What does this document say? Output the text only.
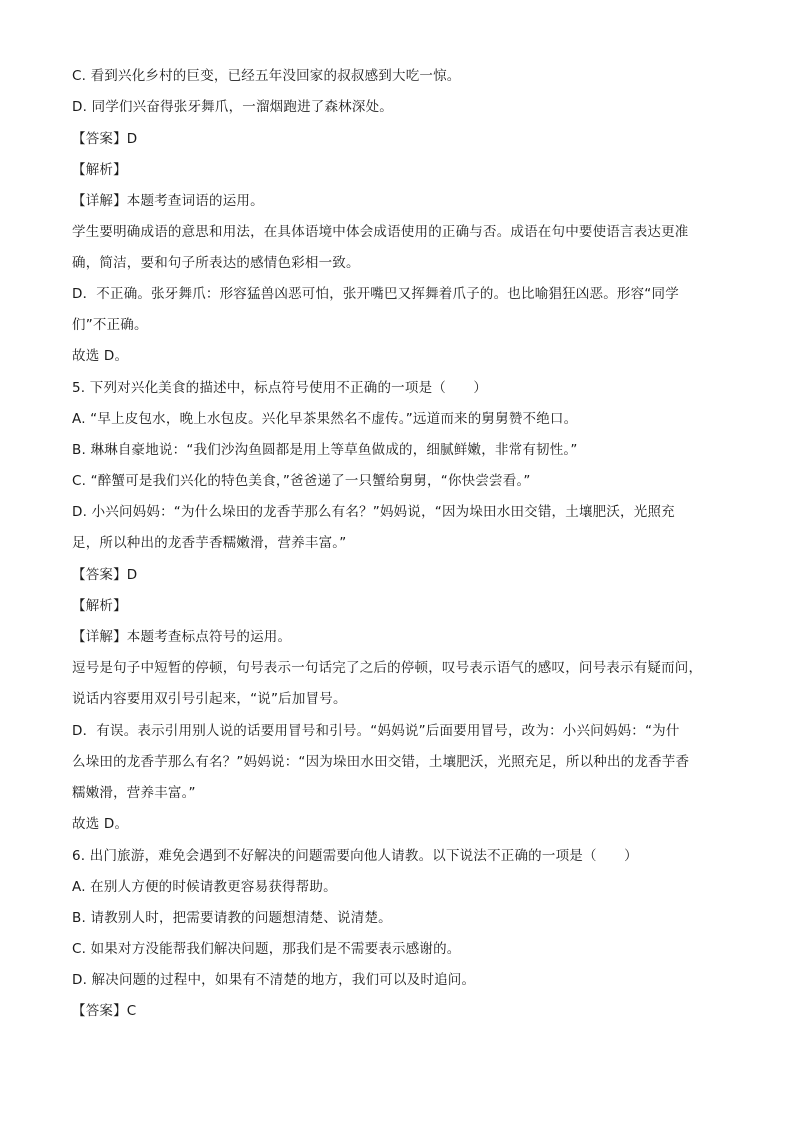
C. 看到兴化乡村的巨变，已经五年没回家的叔叔感到大吃一惊。
D. 同学们兴奋得张牙舞爪，一溜烟跑进了森林深处。
【答案】D
【解析】
【详解】本题考查词语的运用。
学生要明确成语的意思和用法，在具体语境中体会成语使用的正确与否。成语在句中要使语言表达更准
确，简洁，要和句子所表达的感情色彩相一致。
D．不正确。张牙舞爪：形容猛兽凶恶可怕，张开嘴巴又挥舞着爪子的。也比喻猖狂凶恶。形容“同学
们”不正确。
故选 D。
5. 下列对兴化美食的描述中，标点符号使用不正确的一项是（　　）
A. “早上皮包水，晚上水包皮。兴化早茶果然名不虚传。”远道而来的舅舅赞不绝口。
B. 琳琳自豪地说：“我们沙沟鱼圆都是用上等草鱼做成的，细腻鲜嫩，非常有韧性。”
C. “醉蟹可是我们兴化的特色美食，”爸爸递了一只蟹给舅舅，“你快尝尝看。”
D. 小兴问妈妈：“为什么垛田的龙香芋那么有名？”妈妈说，“因为垛田水田交错，土壤肥沃，光照充
足，所以种出的龙香芋香糯嫩滑，营养丰富。”
【答案】D
【解析】
【详解】本题考查标点符号的运用。
逗号是句子中短暂的停顿，句号表示一句话完了之后的停顿，叹号表示语气的感叹，问号表示有疑而问，
说话内容要用双引号引起来，“说”后加冒号。
D．有误。表示引用别人说的话要用冒号和引号。“妈妈说”后面要用冒号，改为：小兴问妈妈：“为什
么垛田的龙香芋那么有名？”妈妈说：“因为垛田水田交错，土壤肥沃，光照充足，所以种出的龙香芋香
糯嫩滑，营养丰富。”
故选 D。
6. 出门旅游，难免会遇到不好解决的问题需要向他人请教。以下说法不正确的一项是（　　）
A. 在别人方便的时候请教更容易获得帮助。
B. 请教别人时，把需要请教的问题想清楚、说清楚。
C. 如果对方没能帮我们解决问题，那我们是不需要表示感谢的。
D. 解决问题的过程中，如果有不清楚的地方，我们可以及时追问。
【答案】C
